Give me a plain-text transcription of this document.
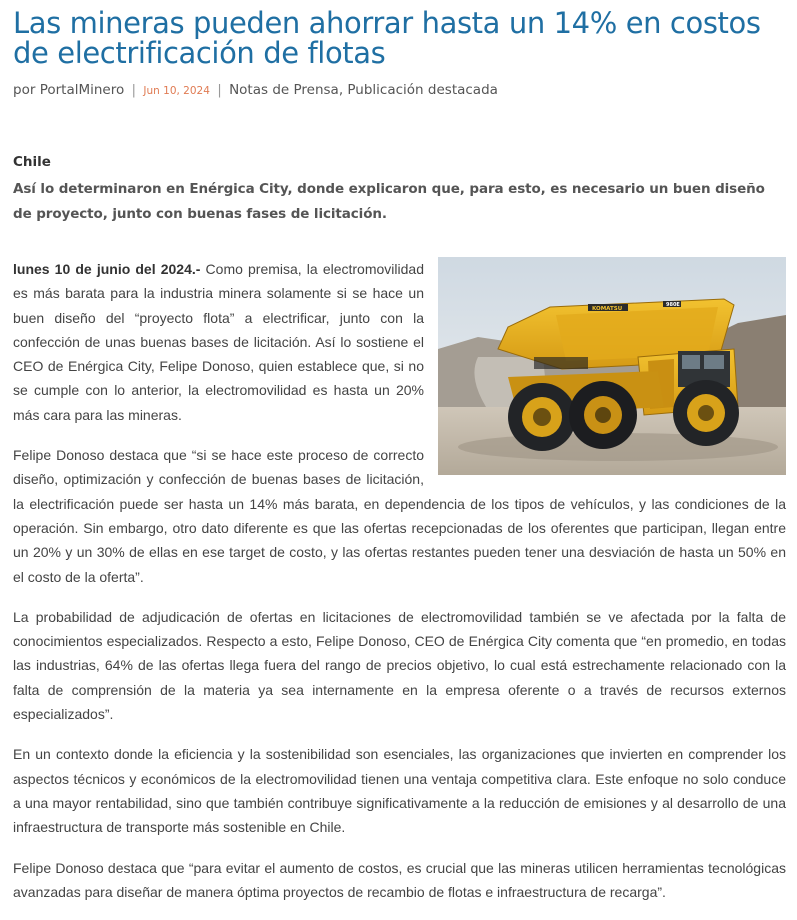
Las mineras pueden ahorrar hasta un 14% en costos de electrificación de flotas
por PortalMinero | Jun 10, 2024 | Notas de Prensa, Publicación destacada
Chile
Así lo determinaron en Enérgica City, donde explicaron que, para esto, es necesario un buen diseño de proyecto, junto con buenas fases de licitación.
KOMATSU
980E

lunes 10 de junio del 2024.- Como premisa, la electromovilidad es más barata para la industria minera solamente si se hace un buen diseño del “proyecto flota” a electrificar, junto con la confección de unas buenas bases de licitación. Así lo sostiene el CEO de Enérgica City, Felipe Donoso, quien establece que, si no se cumple con lo anterior, la electromovilidad es hasta un 20% más cara para las mineras.

Felipe Donoso destaca que “si se hace este proceso de correcto diseño, optimización y confección de buenas bases de licitación, la electrificación puede ser hasta un 14% más barata, en dependencia de los tipos de vehículos, y las condiciones de la operación. Sin embargo, otro dato diferente es que las ofertas recepcionadas de los oferentes que participan, llegan entre un 20% y un 30% de ellas en ese target de costo, y las ofertas restantes pueden tener una desviación de hasta un 50% en el costo de la oferta”.

La probabilidad de adjudicación de ofertas en licitaciones de electromovilidad también se ve afectada por la falta de conocimientos especializados. Respecto a esto, Felipe Donoso, CEO de Enérgica City comenta que “en promedio, en todas las industrias, 64% de las ofertas llega fuera del rango de precios objetivo, lo cual está estrechamente relacionado con la falta de comprensión de la materia ya sea internamente en la empresa oferente o a través de recursos externos especializados”.

En un contexto donde la eficiencia y la sostenibilidad son esenciales, las organizaciones que invierten en comprender los aspectos técnicos y económicos de la electromovilidad tienen una ventaja competitiva clara. Este enfoque no solo conduce a una mayor rentabilidad, sino que también contribuye significativamente a la reducción de emisiones y al desarrollo de una infraestructura de transporte más sostenible en Chile.

Felipe Donoso destaca que “para evitar el aumento de costos, es crucial que las mineras utilicen herramientas tecnológicas avanzadas para diseñar de manera óptima proyectos de recambio de flotas e infraestructura de recarga”.
